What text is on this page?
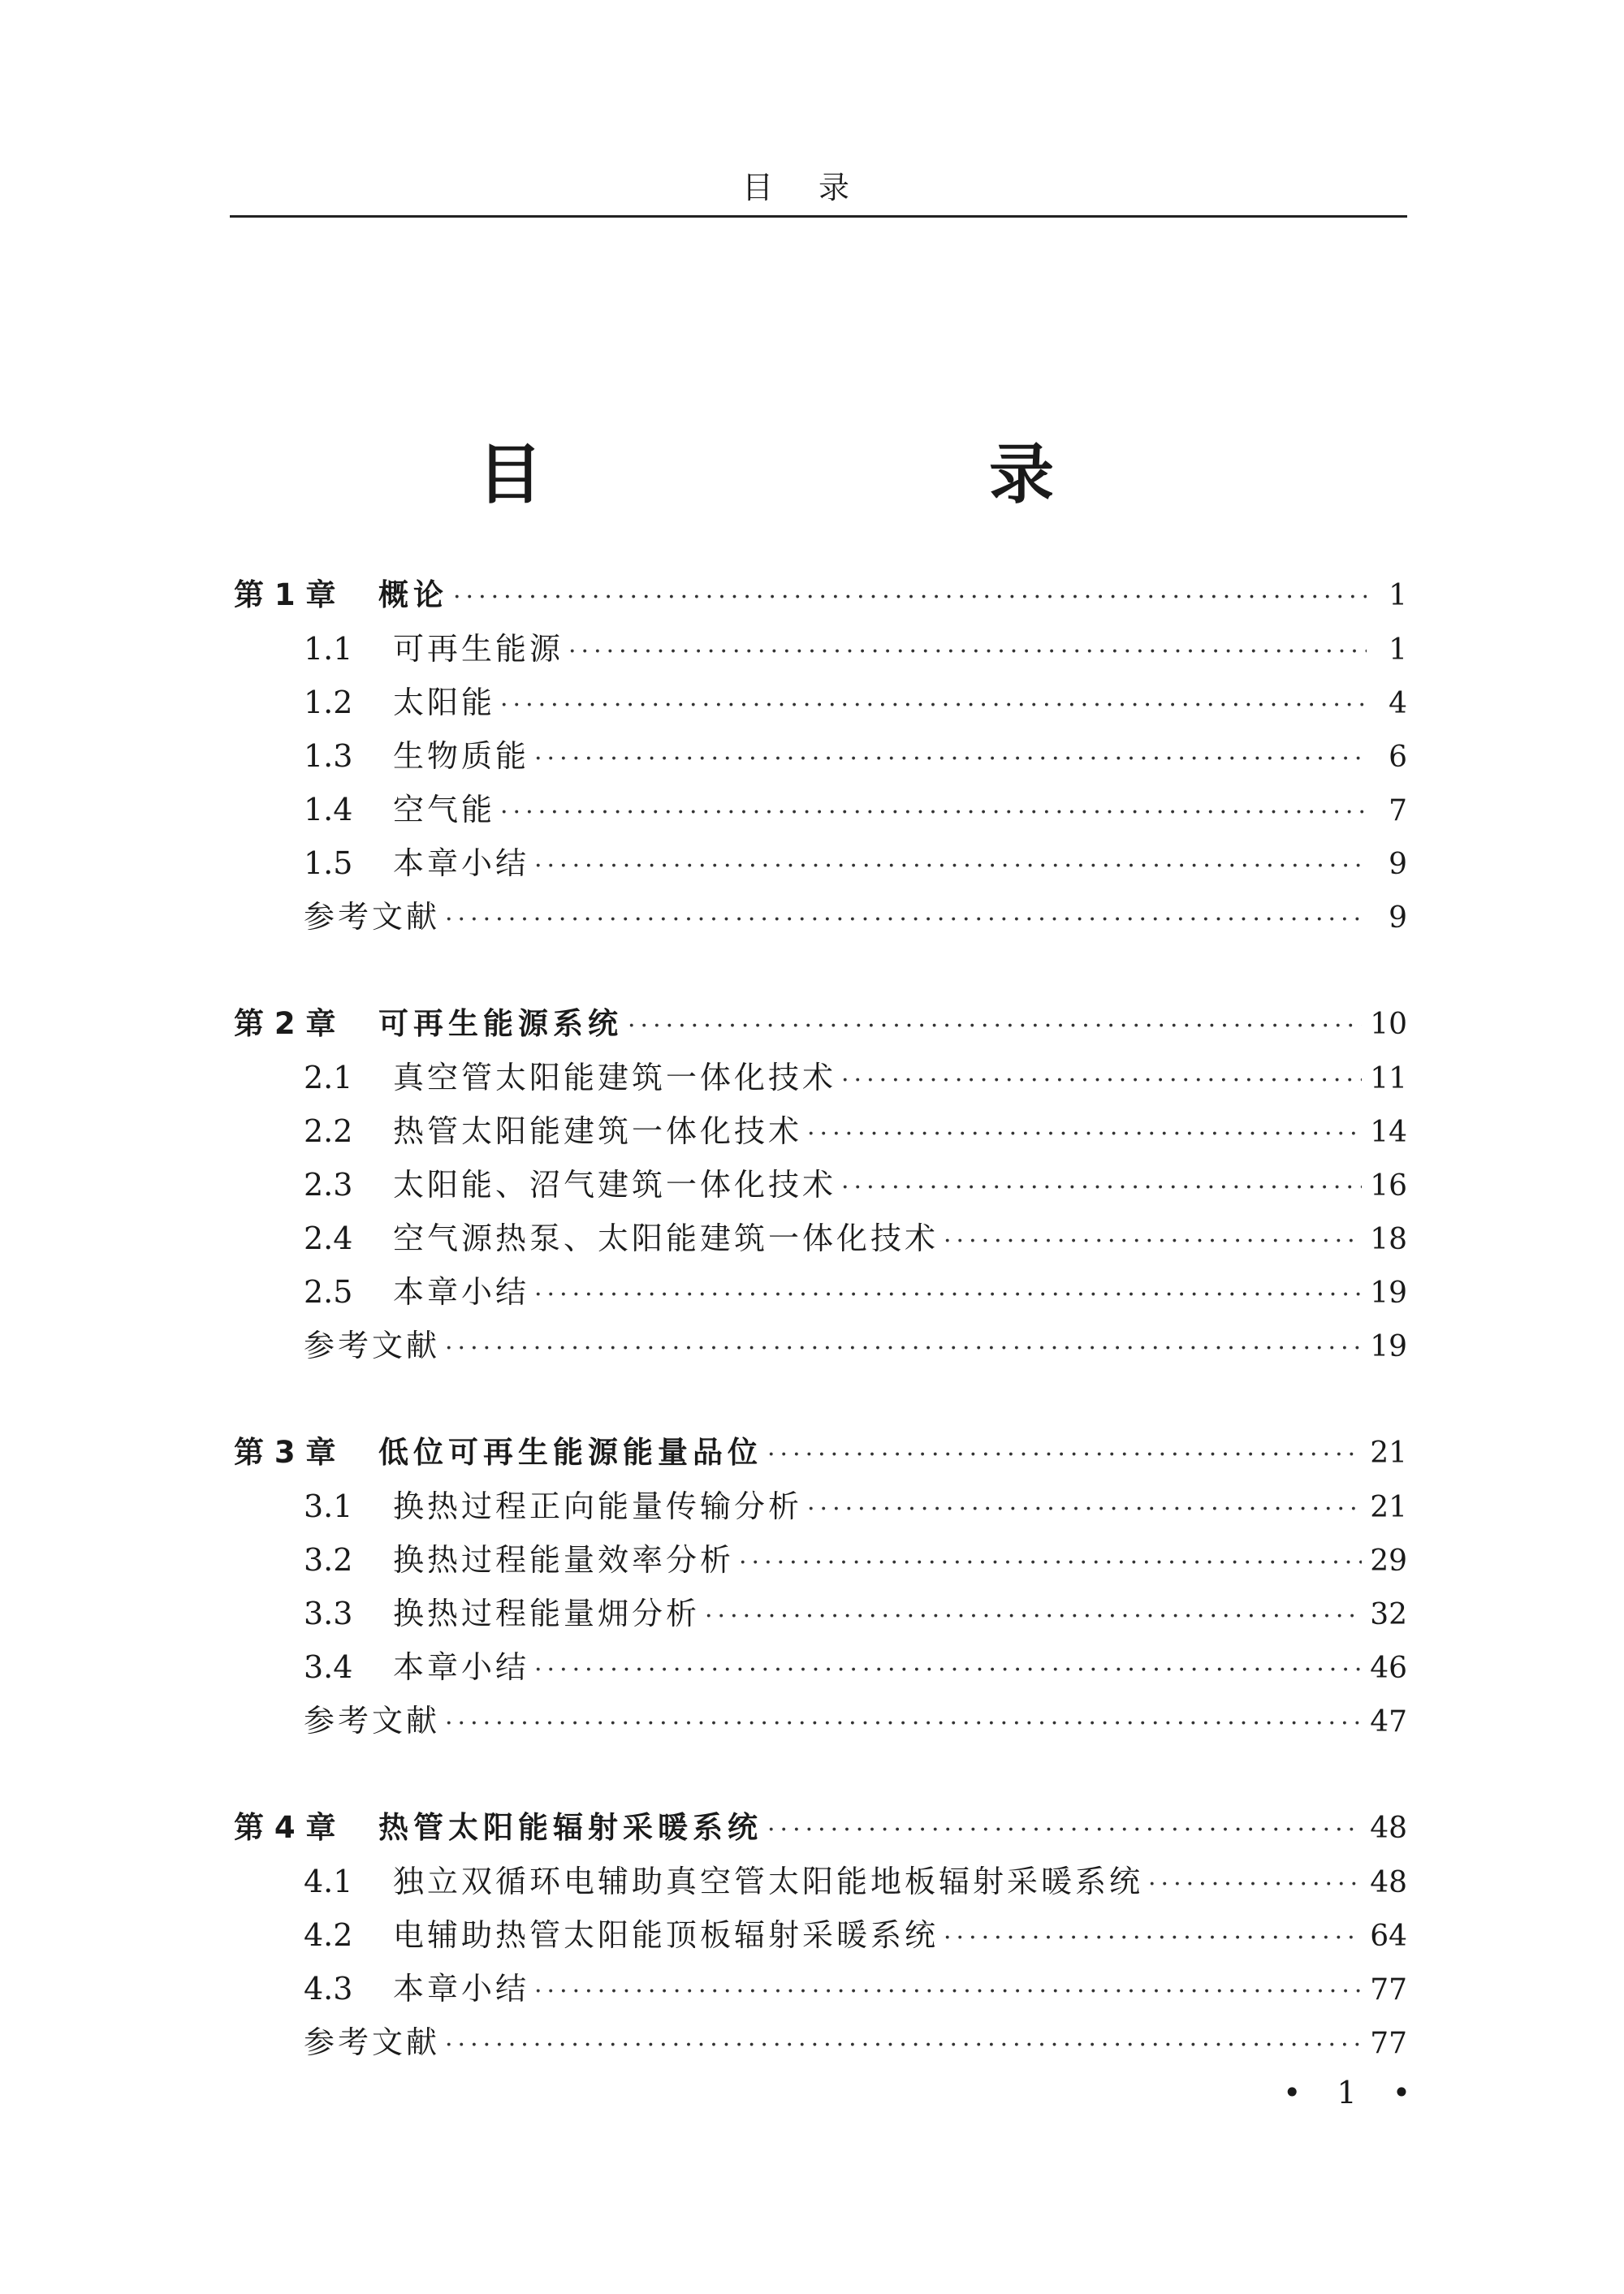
目录
目　　录
第 1 章	概论 ·····	1
1.1	可再生能源 ·····	1
1.2	太阳能 ·····	4
1.3	生物质能 ·····	6
1.4	空气能 ·····	7
1.5	本章小结 ·····	9
参考文献 ·····	9
第 2 章	可再生能源系统 ·····	10
2.1	真空管太阳能建筑一体化技术 ·····	11
2.2	热管太阳能建筑一体化技术 ·····	14
2.3	太阳能、沼气建筑一体化技术 ·····	16
2.4	空气源热泵、太阳能建筑一体化技术 ·····	18
2.5	本章小结 ·····	19
参考文献 ·····	19
第 3 章	低位可再生能源能量品位 ·····	21
3.1	换热过程正向能量传输分析 ·····	21
3.2	换热过程能量效率分析 ·····	29
3.3	换热过程能量㶲分析 ·····	32
3.4	本章小结 ·····	46
参考文献 ·····	47
第 4 章	热管太阳能辐射采暖系统 ·····	48
4.1	独立双循环电辅助真空管太阳能地板辐射采暖系统 ·····	48
4.2	电辅助热管太阳能顶板辐射采暖系统 ·····	64
4.3	本章小结 ·····	77
参考文献 ·····	77
• 1 •
